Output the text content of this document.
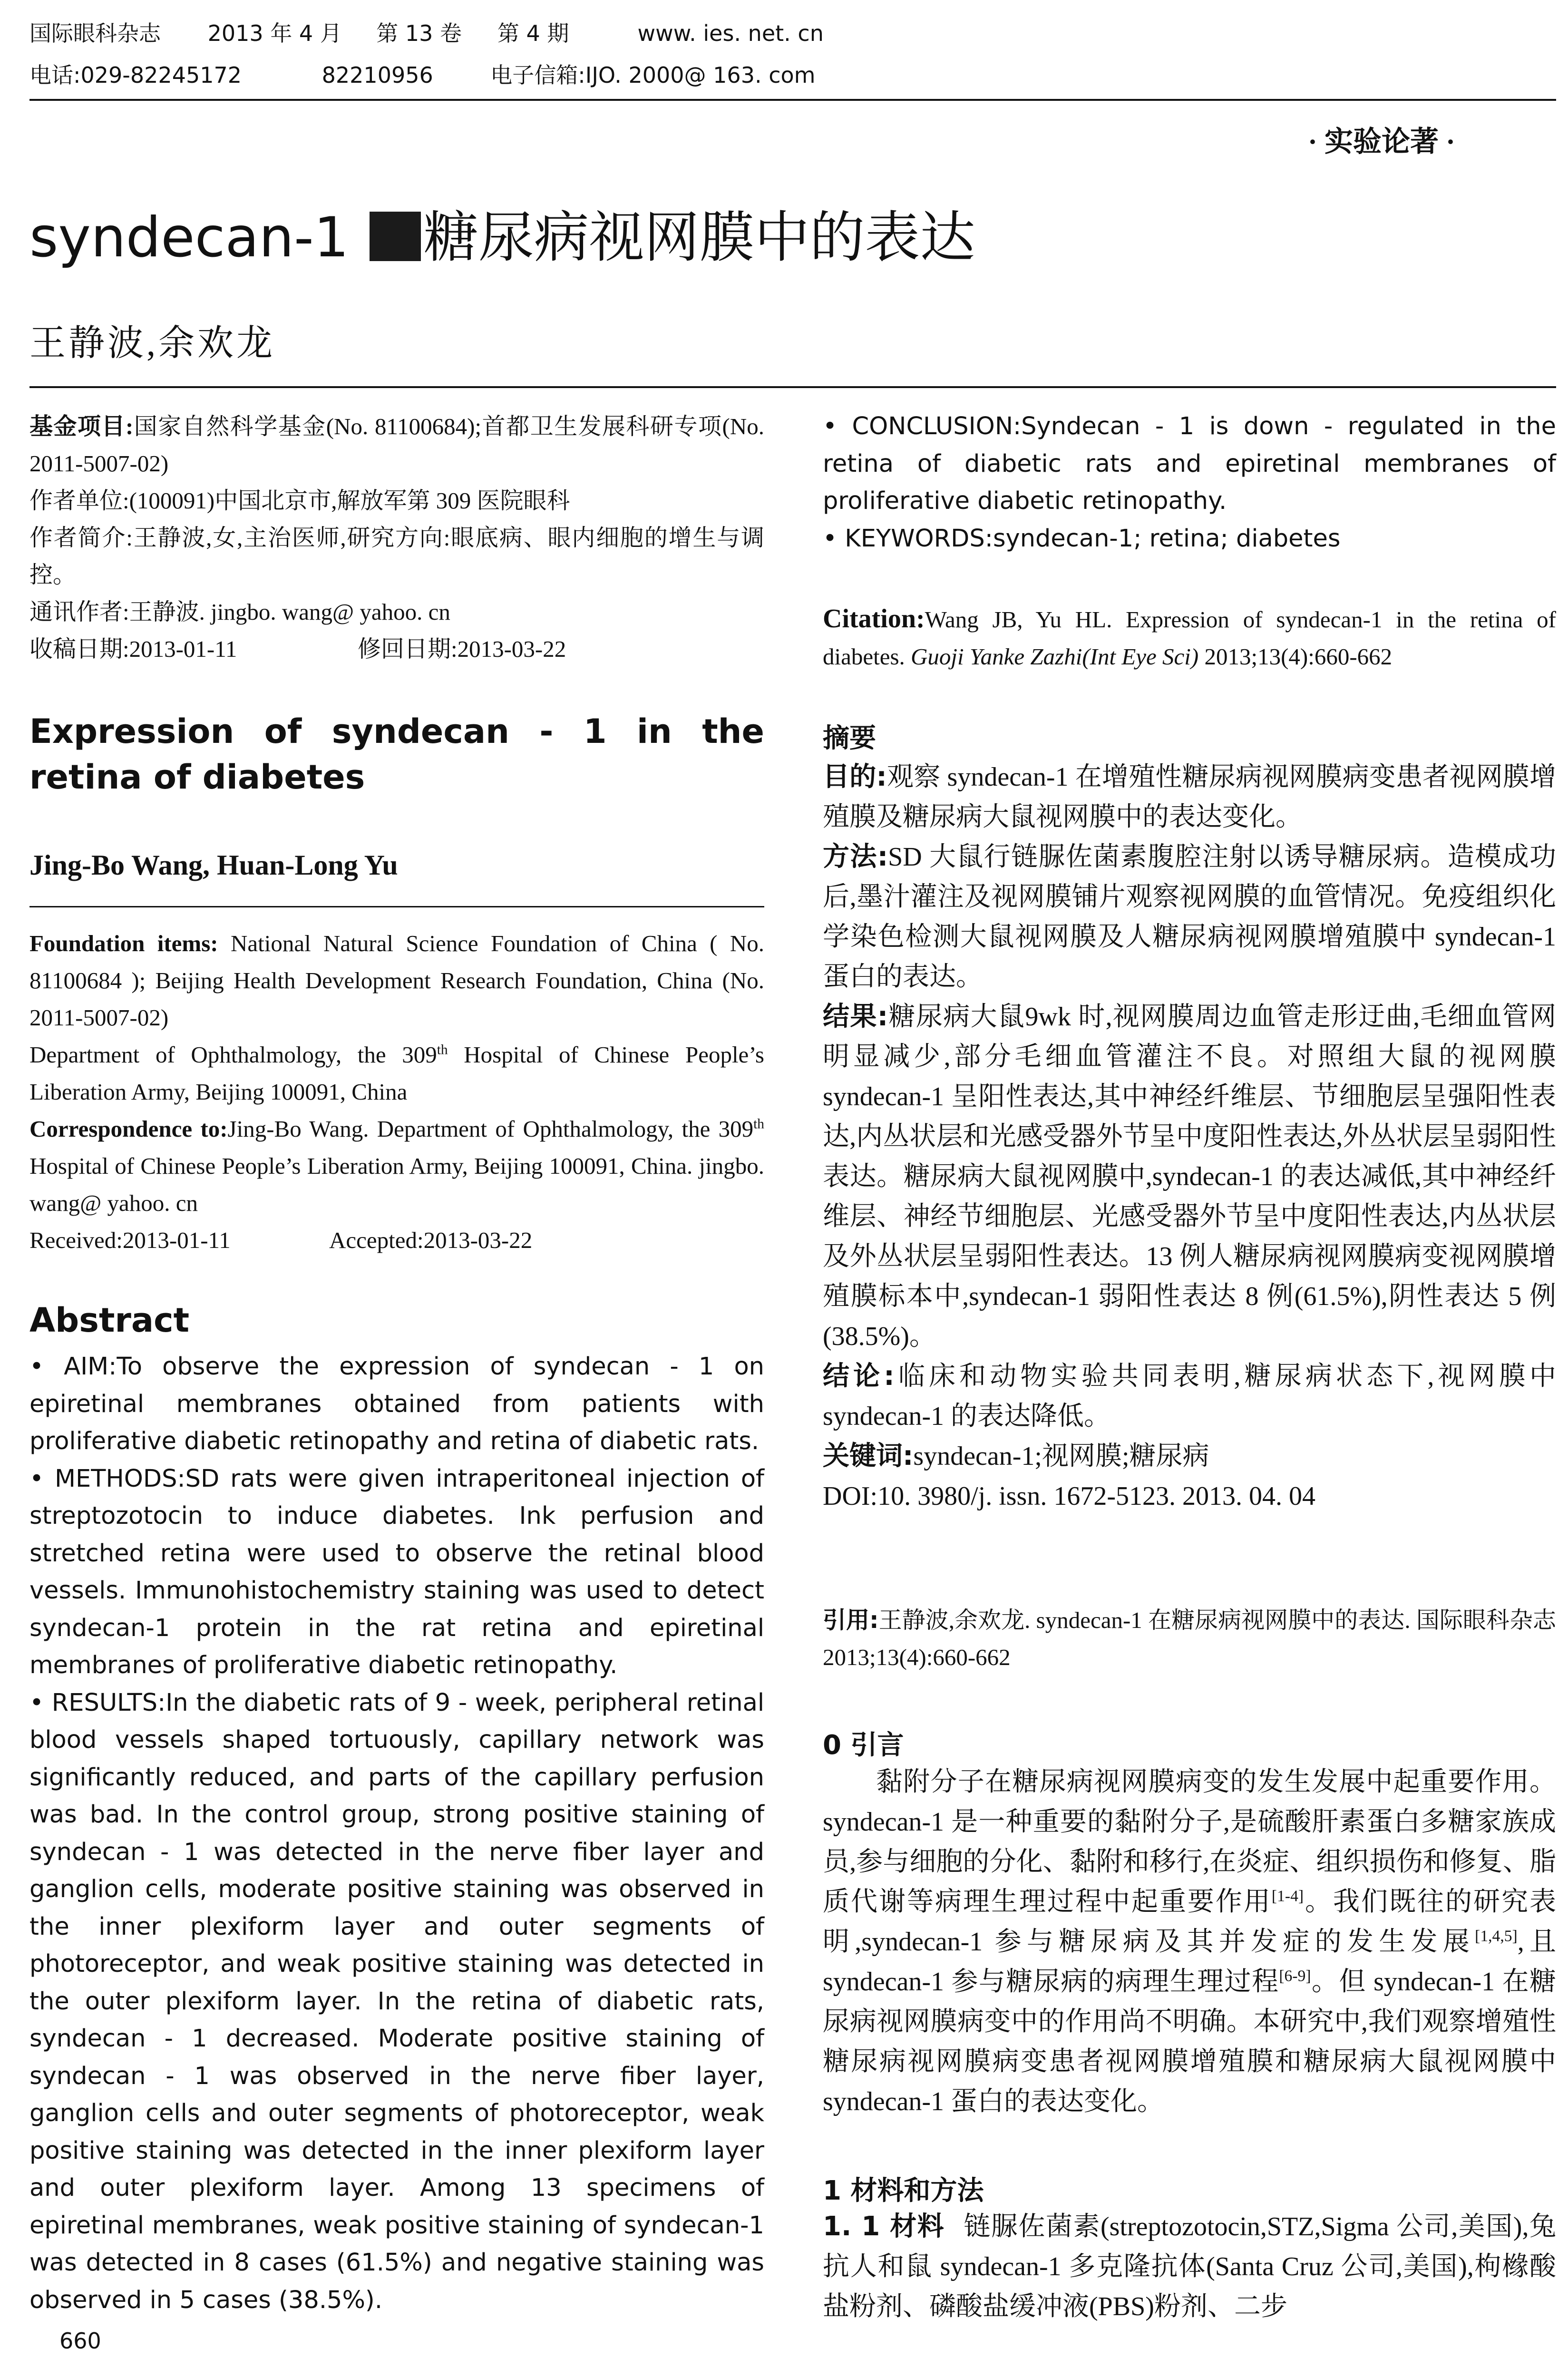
国际眼科杂志 2013 年 4 月 第 13 卷 第 4 期	www. ies. net. cn
电话:029-82245172	82210956	电子信箱:IJO. 2000@ 163. com
· 实验论著 ·
syndecan-1 糖尿病视网膜中的表达
王静波,余欢龙

基金项目:国家自然科学基金(No. 81100684);首都卫生发展科研专项(No. 2011-5007-02)

作者单位:(100091)中国北京市,解放军第 309 医院眼科

作者简介:王静波,女,主治医师,研究方向:眼底病、眼内细胞的增生与调控。

通讯作者:王静波. jingbo. wang@ yahoo. cn

收稿日期:2013-01-11	修回日期:2013-03-22

Expression of syndecan - 1 in the retina of diabetes
Jing-Bo Wang, Huan-Long Yu

Foundation items: National Natural Science Foundation of China ( No. 81100684 ); Beijing Health Development Research Foundation, China (No. 2011-5007-02)

Department of Ophthalmology, the 309th Hospital of Chinese People’s Liberation Army, Beijing 100091, China

Correspondence to:Jing-Bo Wang. Department of Ophthalmology, the 309th Hospital of Chinese People’s Liberation Army, Beijing 100091, China. jingbo. wang@ yahoo. cn

Received:2013-01-11	Accepted:2013-03-22

Abstract

• AIM:To observe the expression of syndecan - 1 on epiretinal membranes obtained from patients with proliferative diabetic retinopathy and retina of diabetic rats.

• METHODS:SD rats were given intraperitoneal injection of streptozotocin to induce diabetes. Ink perfusion and stretched retina were used to observe the retinal blood vessels. Immunohistochemistry staining was used to detect syndecan-1 protein in the rat retina and epiretinal membranes of proliferative diabetic retinopathy.

• RESULTS:In the diabetic rats of 9 - week, peripheral retinal blood vessels shaped tortuously, capillary network was significantly reduced, and parts of the capillary perfusion was bad. In the control group, strong positive staining of syndecan - 1 was detected in the nerve fiber layer and ganglion cells, moderate positive staining was observed in the inner plexiform layer and outer segments of photoreceptor, and weak positive staining was detected in the outer plexiform layer. In the retina of diabetic rats, syndecan - 1 decreased. Moderate positive staining of syndecan - 1 was observed in the nerve fiber layer, ganglion cells and outer segments of photoreceptor, weak positive staining was detected in the inner plexiform layer and outer plexiform layer. Among 13 specimens of epiretinal membranes, weak positive staining of syndecan-1 was detected in 8 cases (61.5%) and negative staining was observed in 5 cases (38.5%).

• CONCLUSION:Syndecan - 1 is down - regulated in the retina of diabetic rats and epiretinal membranes of proliferative diabetic retinopathy.

• KEYWORDS:syndecan-1; retina; diabetes

Citation:Wang JB, Yu HL. Expression of syndecan-1 in the retina of diabetes. Guoji Yanke Zazhi(Int Eye Sci) 2013;13(4):660-662

摘要

目的:观察 syndecan-1 在增殖性糖尿病视网膜病变患者视网膜增殖膜及糖尿病大鼠视网膜中的表达变化。

方法:SD 大鼠行链脲佐菌素腹腔注射以诱导糖尿病。造模成功后,墨汁灌注及视网膜铺片观察视网膜的血管情况。免疫组织化学染色检测大鼠视网膜及人糖尿病视网膜增殖膜中 syndecan-1 蛋白的表达。

结果:糖尿病大鼠9wk 时,视网膜周边血管走形迂曲,毛细血管网明显减少,部分毛细血管灌注不良。对照组大鼠的视网膜 syndecan-1 呈阳性表达,其中神经纤维层、节细胞层呈强阳性表达,内丛状层和光感受器外节呈中度阳性表达,外丛状层呈弱阳性表达。糖尿病大鼠视网膜中,syndecan-1 的表达减低,其中神经纤维层、神经节细胞层、光感受器外节呈中度阳性表达,内丛状层及外丛状层呈弱阳性表达。13 例人糖尿病视网膜病变视网膜增殖膜标本中,syndecan-1 弱阳性表达 8 例(61.5%),阴性表达 5 例(38.5%)。

结论:临床和动物实验共同表明,糖尿病状态下,视网膜中 syndecan-1 的表达降低。

关键词:syndecan-1;视网膜;糖尿病

DOI:10. 3980/j. issn. 1672-5123. 2013. 04. 04

引用:王静波,余欢龙. syndecan-1 在糖尿病视网膜中的表达. 国际眼科杂志 2013;13(4):660-662

0 引言

黏附分子在糖尿病视网膜病变的发生发展中起重要作用。syndecan-1 是一种重要的黏附分子,是硫酸肝素蛋白多糖家族成员,参与细胞的分化、黏附和移行,在炎症、组织损伤和修复、脂质代谢等病理生理过程中起重要作用[1-4]。我们既往的研究表明,syndecan-1 参与糖尿病及其并发症的发生发展[1,4,5],且 syndecan-1 参与糖尿病的病理生理过程[6-9]。但 syndecan-1 在糖尿病视网膜病变中的作用尚不明确。本研究中,我们观察增殖性糖尿病视网膜病变患者视网膜增殖膜和糖尿病大鼠视网膜中 syndecan-1 蛋白的表达变化。

1 材料和方法

1. 1 材料 链脲佐菌素(streptozotocin,STZ,Sigma 公司,美国),兔抗人和鼠 syndecan-1 多克隆抗体(Santa Cruz 公司,美国),枸橼酸盐粉剂、磷酸盐缓冲液(PBS)粉剂、二步

660
